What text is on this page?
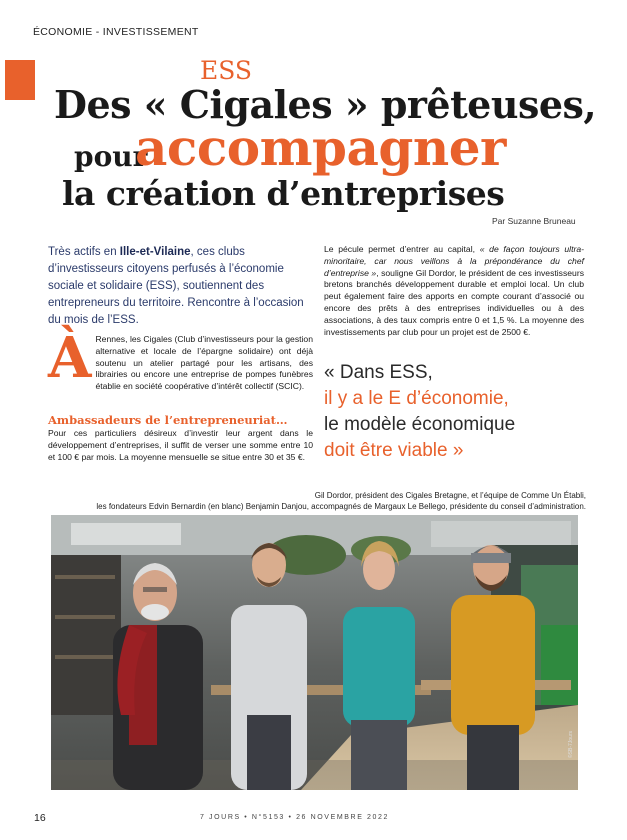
ÉCONOMIE - INVESTISSEMENT
ESS
Des « Cigales » prêteuses,
pour
accompagner
la création d’entreprises
Par Suzanne Bruneau
Très actifs en Ille-et-Vilaine, ces clubs d’investisseurs citoyens perfusés à l’économie sociale et solidaire (ESS), soutiennent des entrepreneurs du territoire. Rencontre à l’occasion du mois de l’ESS.
À Rennes, les Cigales (Club d’investisseurs pour la gestion alternative et locale de l’épargne solidaire) ont déjà soutenu un atelier partagé pour les artisans, des librairies ou encore une entreprise de pompes funèbres établie en société coopérative d’intérêt collectif (SCIC).
Ambassadeurs de l’entrepreneuriat…
Pour ces particuliers désireux d’investir leur argent dans le développement d’entreprises, il suffit de verser une somme entre 10 et 100 € par mois. La moyenne mensuelle se situe entre 30 et 35 €.
Le pécule permet d’entrer au capital, « de façon toujours ultra-minoritaire, car nous veillons à la prépondérance du chef d’entreprise », souligne Gil Dordor, le président de ces investisseurs bretons branchés développement durable et emploi local. Un club peut également faire des apports en compte courant d’associé ou encore des prêts à des entreprises individuelles ou à des associations, à des taux compris entre 0 et 1,5 %. La moyenne des investissements par club pour un projet est de 2500 €.
« Dans ESS,
il y a le E d’économie,
le modèle économique
doit être viable »
Gil Dordor, président des Cigales Bretagne, et l’équipe de Comme Un Établi,
les fondateurs Edvin Bernardin (en blanc) Benjamin Danjou, accompagnés de Margaux Le Bellego, présidente du conseil d’administration.
©SB-7Jours
16	7 JOURS • N°5153 • 26 NOVEMBRE 2022
